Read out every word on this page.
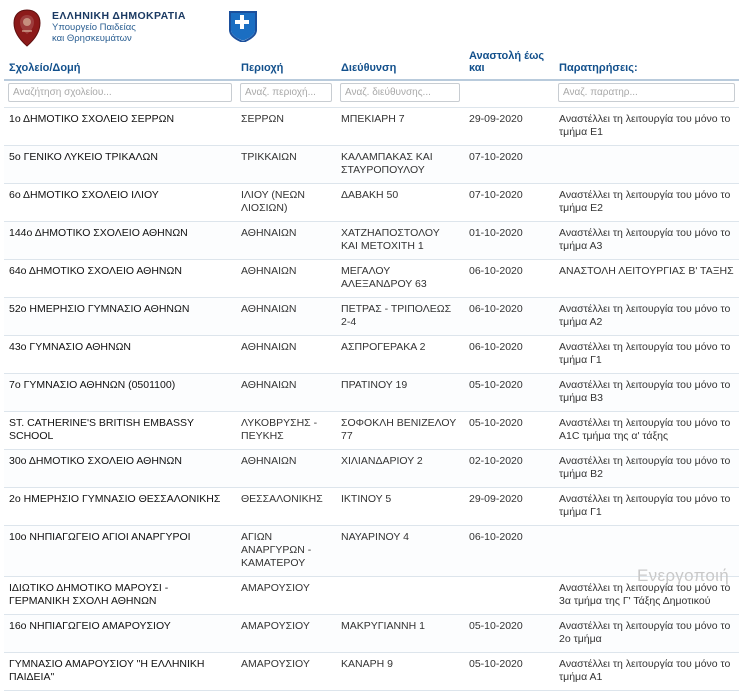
ΕΛΛΗΝΙΚΗ ΔΗΜΟΚΡΑΤΙΑ
Υπουργείο Παιδείας
και Θρησκευμάτων
Σχολείο/Δομή	Περιοχή	Διεύθυνση	Αναστολή έως και	Παρατηρήσεις:
Αναζήτηση σχολείου...	Αναζ. περιοχή...	Αναζ. διεύθυνσης...		Αναζ. παρατηρ...
1ο ΔΗΜΟΤΙΚΟ ΣΧΟΛΕΙΟ ΣΕΡΡΩΝ	ΣΕΡΡΩΝ	ΜΠΕΚΙΑΡΗ 7	29-09-2020	Αναστέλλει τη λειτουργία του μόνο το τμήμα Ε1
5ο ΓΕΝΙΚΟ ΛΥΚΕΙΟ ΤΡΙΚΑΛΩΝ	ΤΡΙΚΚΑΙΩΝ	ΚΑΛΑΜΠΑΚΑΣ ΚΑΙ ΣΤΑΥΡΟΠΟΥΛΟΥ	07-10-2020	
6ο ΔΗΜΟΤΙΚΟ ΣΧΟΛΕΙΟ ΙΛΙΟΥ	ΙΛΙΟΥ (ΝΕΩΝ ΛΙΟΣΙΩΝ)	ΔΑΒΑΚΗ 50	07-10-2020	Αναστέλλει τη λειτουργία του μόνο το τμήμα Ε2
144ο ΔΗΜΟΤΙΚΟ ΣΧΟΛΕΙΟ ΑΘΗΝΩΝ	ΑΘΗΝΑΙΩΝ	ΧΑΤΖΗΑΠΟΣΤΟΛΟΥ ΚΑΙ ΜΕΤΟΧΙΤΗ 1	01-10-2020	Αναστέλλει τη λειτουργία του μόνο το τμήμα Α3
64ο ΔΗΜΟΤΙΚΟ ΣΧΟΛΕΙΟ ΑΘΗΝΩΝ	ΑΘΗΝΑΙΩΝ	ΜΕΓΑΛΟΥ ΑΛΕΞΑΝΔΡΟΥ 63	06-10-2020	ΑΝΑΣΤΟΛΗ ΛΕΙΤΟΥΡΓΙΑΣ Β' ΤΑΞΗΣ
52ο ΗΜΕΡΗΣΙΟ ΓΥΜΝΑΣΙΟ ΑΘΗΝΩΝ	ΑΘΗΝΑΙΩΝ	ΠΕΤΡΑΣ - ΤΡΙΠΟΛΕΩΣ 2-4	06-10-2020	Αναστέλλει τη λειτουργία του μόνο το τμήμα Α2
43ο ΓΥΜΝΑΣΙΟ ΑΘΗΝΩΝ	ΑΘΗΝΑΙΩΝ	ΑΣΠΡΟΓΕΡΑΚΑ 2	06-10-2020	Αναστέλλει τη λειτουργία του μόνο το τμήμα Γ1
7ο ΓΥΜΝΑΣΙΟ ΑΘΗΝΩΝ (0501100)	ΑΘΗΝΑΙΩΝ	ΠΡΑΤΙΝΟΥ 19	05-10-2020	Αναστέλλει τη λειτουργία του μόνο το τμήμα Β3
ST. CATHERINE'S BRITISH EMBASSY SCHOOL	ΛΥΚΟΒΡΥΣΗΣ - ΠΕΥΚΗΣ	ΣΟΦΟΚΛΗ ΒΕΝΙΖΕΛΟΥ 77	05-10-2020	Αναστέλλει τη λειτουργία του μόνο το Α1C τμήμα της α' τάξης
30ο ΔΗΜΟΤΙΚΟ ΣΧΟΛΕΙΟ ΑΘΗΝΩΝ	ΑΘΗΝΑΙΩΝ	ΧΙΛΙΑΝΔΑΡΙΟΥ 2	02-10-2020	Αναστέλλει τη λειτουργία του μόνο το τμήμα Β2
2ο ΗΜΕΡΗΣΙΟ ΓΥΜΝΑΣΙΟ ΘΕΣΣΑΛΟΝΙΚΗΣ	ΘΕΣΣΑΛΟΝΙΚΗΣ	ΙΚΤΙΝΟΥ 5	29-09-2020	Αναστέλλει τη λειτουργία του μόνο το τμήμα Γ1
10ο ΝΗΠΙΑΓΩΓΕΙΟ ΑΓΙΟΙ ΑΝΑΡΓΥΡΟΙ	ΑΓΙΩΝ ΑΝΑΡΓΥΡΩΝ - ΚΑΜΑΤΕΡΟΥ	ΝΑΥΑΡΙΝΟΥ 4	06-10-2020	
ΙΔΙΩΤΙΚΟ ΔΗΜΟΤΙΚΟ ΜΑΡΟΥΣΙ - ΓΕΡΜΑΝΙΚΗ ΣΧΟΛΗ ΑΘΗΝΩΝ	ΑΜΑΡΟΥΣΙΟΥ			Αναστέλλει τη λειτουργία του μόνο το 3α τμήμα της Γ' Τάξης Δημοτικού
16ο ΝΗΠΙΑΓΩΓΕΙΟ ΑΜΑΡΟΥΣΙΟΥ	ΑΜΑΡΟΥΣΙΟΥ	ΜΑΚΡΥΓΙΑΝΝΗ 1	05-10-2020	Αναστέλλει τη λειτουργία του μόνο το 2ο τμήμα
ΓΥΜΝΑΣΙΟ ΑΜΑΡΟΥΣΙΟΥ "Η ΕΛΛΗΝΙΚΗ ΠΑΙΔΕΙΑ"	ΑΜΑΡΟΥΣΙΟΥ	ΚΑΝΑΡΗ 9	05-10-2020	Αναστέλλει τη λειτουργία του μόνο το τμήμα Α1
Ενεργοποιή
